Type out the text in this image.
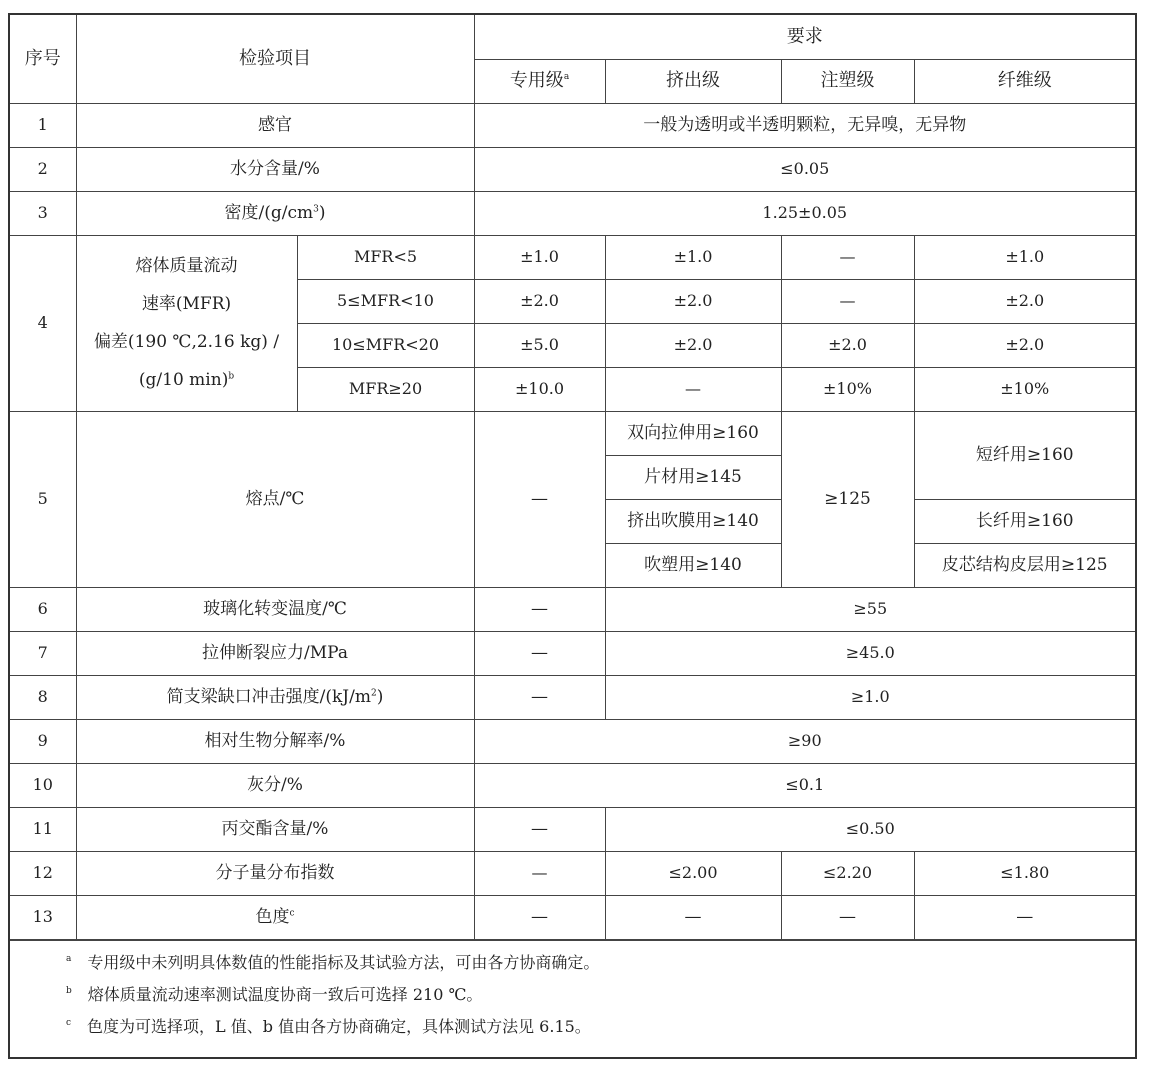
序号	检验项目		要求			
			专用级$^a$	挤出级	注塑级	纤维级
1	感官		一般为透明或半透明颗粒，无异嗅，无异物			
2	水分含量/%		≤0.05			
3	密度$/(g/cm^3)$		1.25±0.05			
4	熔体质量流动
速率(MFR)
偏差(190 ℃,2.16 kg) /
(g/10 min)$^b$	MFR<5	±1.0	±1.0	—	±1.0
		5≤MFR<10	±2.0	±2.0	—	±2.0
		10≤MFR<20	±5.0	±2.0	±2.0	±2.0
		MFR≥20	±10.0	—	±10%	±10%
5	熔点/℃		—	双向拉伸用≥160	≥125	短纤用≥160
				片材用≥145		
				挤出吹膜用≥140		长纤用≥160
				吹塑用≥140		皮芯结构皮层用≥125
6	玻璃化转变温度/℃		—	≥55		
7	拉伸断裂应力/MPa		—	≥45.0		
8	简支梁缺口冲击强度$/(kJ/m^2)$		—	≥1.0		
9	相对生物分解率/%		≥90			
10	灰分/%		≤0.1			
11	丙交酯含量/%		—	≤0.50		
12	分子量分布指数		—	≤2.00	≤2.20	≤1.80
13	色度$^c$		—	—	—	—
$^a$ 专用级中未列明具体数值的性能指标及其试验方法，可由各方协商确定。
$^b$ 熔体质量流动速率测试温度协商一致后可选择 210 ℃。
$^c$ 色度为可选择项，L 值、b 值由各方协商确定，具体测试方法见 6.15。
